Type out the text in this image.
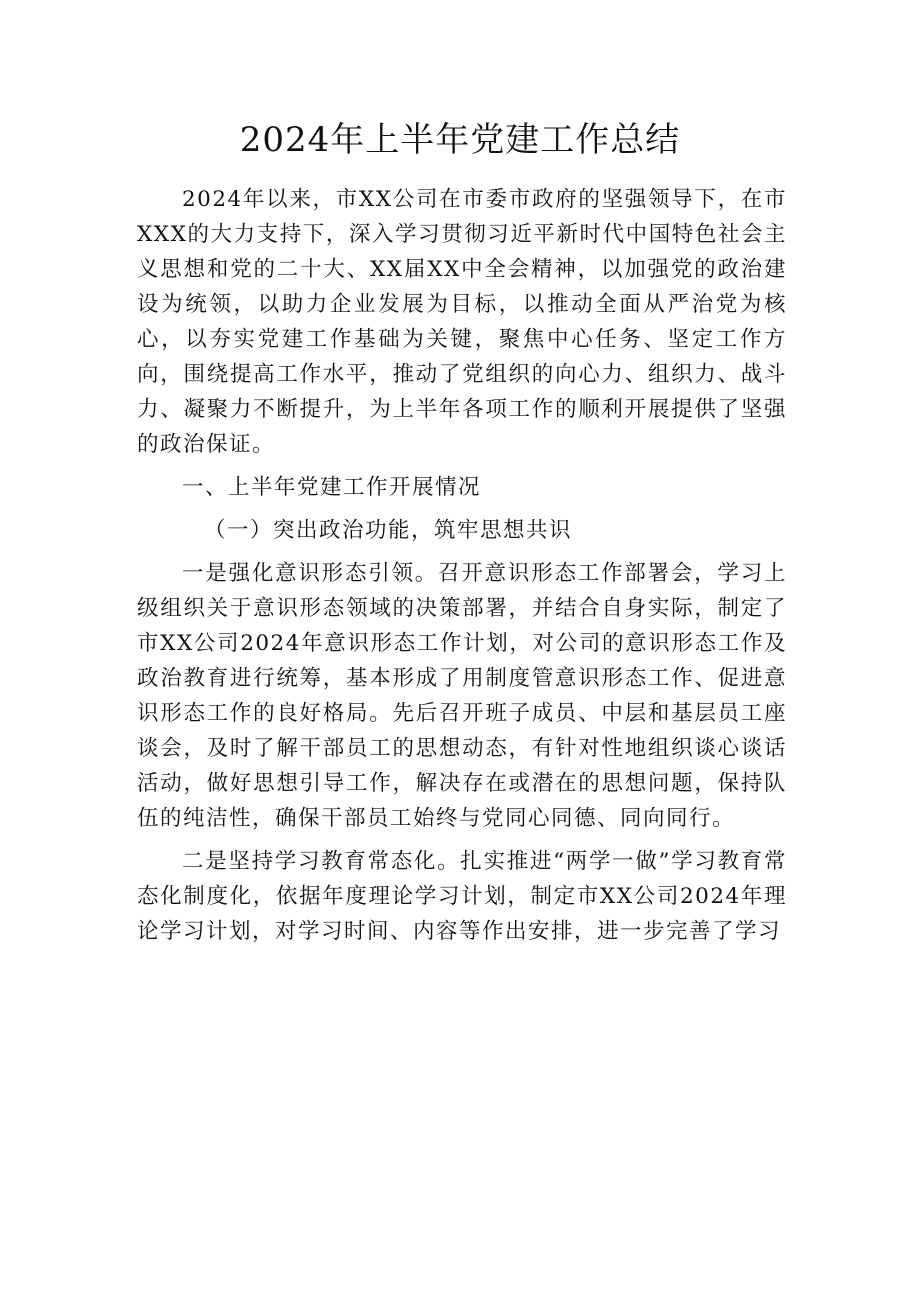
2024年上半年党建工作总结

2024年以来，市XX公司在市委市政府的坚强领导下，在市XXX的大力支持下，深入学习贯彻习近平新时代中国特色社会主义思想和党的二十大、XX届XX中全会精神，以加强党的政治建设为统领，以助力企业发展为目标，以推动全面从严治党为核心，以夯实党建工作基础为关键，聚焦中心任务、坚定工作方向，围绕提高工作水平，推动了党组织的向心力、组织力、战斗力、凝聚力不断提升，为上半年各项工作的顺利开展提供了坚强的政治保证。

一、上半年党建工作开展情况

（一）突出政治功能，筑牢思想共识

一是强化意识形态引领。召开意识形态工作部署会，学习上级组织关于意识形态领域的决策部署，并结合自身实际，制定了市XX公司2024年意识形态工作计划，对公司的意识形态工作及政治教育进行统筹，基本形成了用制度管意识形态工作、促进意识形态工作的良好格局。先后召开班子成员、中层和基层员工座谈会，及时了解干部员工的思想动态，有针对性地组织谈心谈话活动，做好思想引导工作，解决存在或潜在的思想问题，保持队伍的纯洁性，确保干部员工始终与党同心同德、同向同行。

二是坚持学习教育常态化。扎实推进“两学一做”学习教育常态化制度化，依据年度理论学习计划，制定市XX公司2024年理论学习计划，对学习时间、内容等作出安排，进一步完善了学习
